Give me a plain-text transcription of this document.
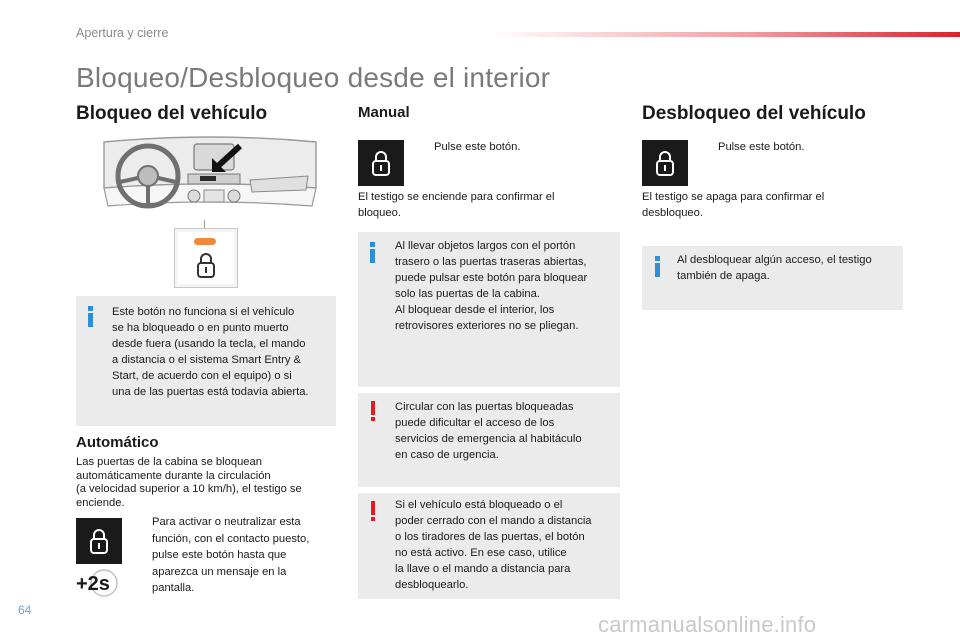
Apertura y cierre
Bloqueo/Desbloqueo desde el interior
Bloqueo del vehículo
Este botón no funciona si el vehículo
se ha bloqueado o en punto muerto
desde fuera (usando la tecla, el mando
a distancia o el sistema Smart Entry &
Start, de acuerdo con el equipo) o si
una de las puertas está todavía abierta.
Automático
Las puertas de la cabina se bloquean
automáticamente durante la circulación
(a velocidad superior a 10 km/h), el testigo se
enciende.
+2s
Para activar o neutralizar esta
función, con el contacto puesto,
pulse este botón hasta que
aparezca un mensaje en la
pantalla.
Manual
Pulse este botón.
El testigo se enciende para confirmar el
bloqueo.
Al llevar objetos largos con el portón
trasero o las puertas traseras abiertas,
puede pulsar este botón para bloquear
solo las puertas de la cabina.
Al bloquear desde el interior, los
retrovisores exteriores no se pliegan.
Circular con las puertas bloqueadas
puede dificultar el acceso de los
servicios de emergencia al habitáculo
en caso de urgencia.
Si el vehículo está bloqueado o el
poder cerrado con el mando a distancia
o los tiradores de las puertas, el botón
no está activo. En ese caso, utilice
la llave o el mando a distancia para
desbloquearlo.
Desbloqueo del vehículo
Pulse este botón.
El testigo se apaga para confirmar el
desbloqueo.
Al desbloquear algún acceso, el testigo
también de apaga.
64
carmanualsonline.info
